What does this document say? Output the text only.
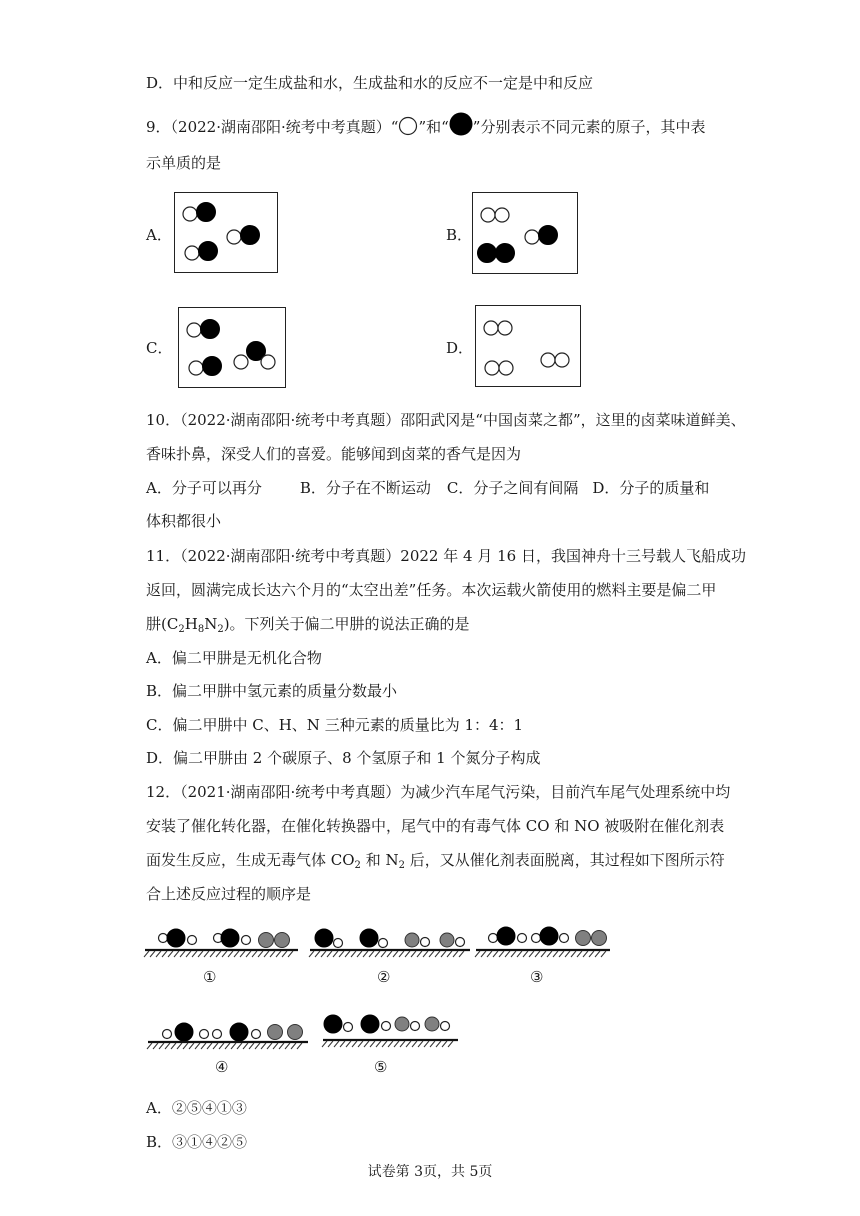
D．中和反应一定生成盐和水，生成盐和水的反应不一定是中和反应
9．（2022·湖南邵阳·统考中考真题）“ ”和“ ”分别表示不同元素的原子，其中表
示单质的是
A．	B．
C．	D．
10．（2022·湖南邵阳·统考中考真题）邵阳武冈是“中国卤菜之都”，这里的卤菜味道鲜美、
香味扑鼻，深受人们的喜爱。能够闻到卤菜的香气是因为
A．分子可以再分	B．分子在不断运动 C．分子之间有间隔 D．分子的质量和
体积都很小
11．（2022·湖南邵阳·统考中考真题）2022 年 4 月 16 日，我国神舟十三号载人飞船成功
返回，圆满完成长达六个月的“太空出差”任务。本次运载火箭使用的燃料主要是偏二甲
肼$(C_2H_8N_2)$。下列关于偏二甲肼的说法正确的是
A．偏二甲肼是无机化合物
B．偏二甲肼中氢元素的质量分数最小
C．偏二甲肼中 C、H、N 三种元素的质量比为 1：4：1
D．偏二甲肼由 2 个碳原子、8 个氢原子和 1 个氮分子构成
12．（2021·湖南邵阳·统考中考真题）为减少汽车尾气污染，目前汽车尾气处理系统中均
安装了催化转化器，在催化转换器中，尾气中的有毒气体 CO 和 NO 被吸附在催化剂表
面发生反应，生成无毒气体 $CO_2$ 和 $N_2$ 后，又从催化剂表面脱离，其过程如下图所示符
合上述反应过程的顺序是
①	②	③
④	⑤
A．②⑤④①③
B．③①④②⑤
试卷第 3页，共 5页
